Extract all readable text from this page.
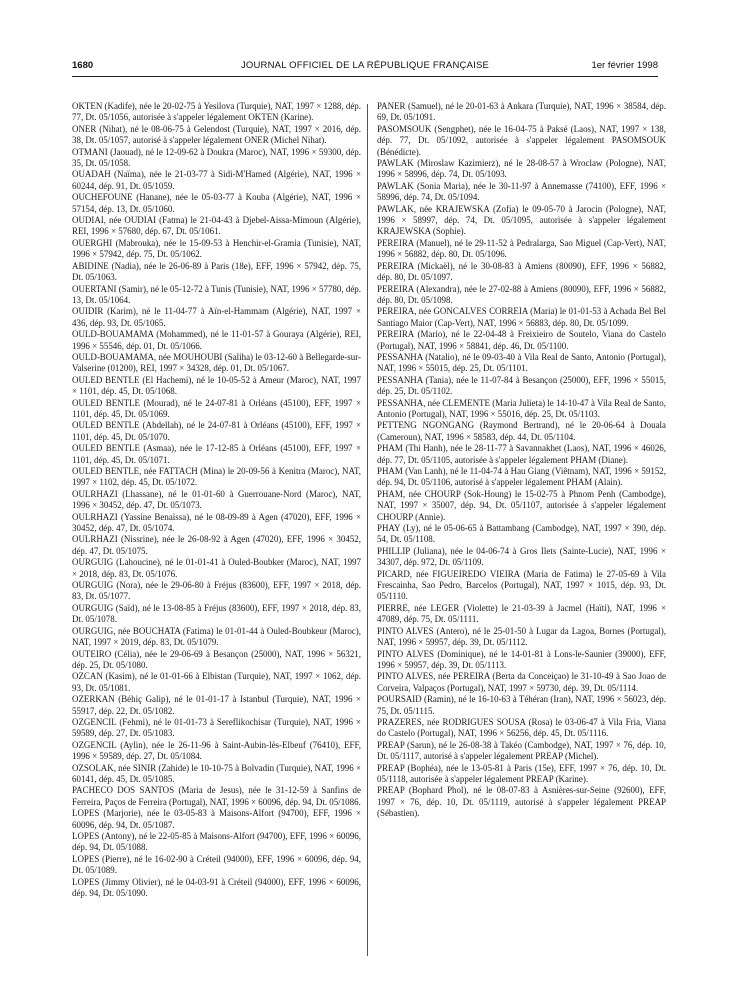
1680	JOURNAL OFFICIEL DE LA RÉPUBLIQUE FRANÇAISE	1er février 1998

OKTEN (Kadife), née le 20-02-75 à Yesilova (Turquie), NAT, 1997 × 1288, dép. 77, Dt. 05/1056, autorisée à s'appeler légalement OKTEN (Karine).

ONER (Nihat), né le 08-06-75 à Gelendost (Turquie), NAT, 1997 × 2016, dép. 38, Dt. 05/1057, autorisé à s'appeler légalement ONER (Michel Nihat).

OTMANI (Jaouad), né le 12-09-62 à Doukra (Maroc), NAT, 1996 × 59300, dép. 35, Dt. 05/1058.

OUADAH (Naïma), née le 21-03-77 à Sidi-M'Hamed (Algérie), NAT, 1996 × 60244, dép. 91, Dt. 05/1059.

OUCHEFOUNE (Hanane), née le 05-03-77 à Kouba (Algérie), NAT, 1996 × 57154, dép. 13, Dt. 05/1060.

OUDIAI, née OUDIAI (Fatma) le 21-04-43 à Djebel-Aissa-Mimoun (Algérie), REI, 1996 × 57680, dép. 67, Dt. 05/1061.

OUERGHI (Mabrouka), née le 15-09-53 à Henchir-el-Gramia (Tunisie), NAT, 1996 × 57942, dép. 75, Dt. 05/1062.

ABIDINE (Nadia), née le 26-06-89 à Paris (18e), EFF, 1996 × 57942, dép. 75, Dt. 05/1063.

OUERTANI (Samir), né le 05-12-72 à Tunis (Tunisie), NAT, 1996 × 57780, dép. 13, Dt. 05/1064.

OUIDIR (Karim), né le 11-04-77 à Aïn-el-Hammam (Algérie), NAT, 1997 × 436, dép. 93, Dt. 05/1065.

OULD-BOUAMAMA (Mohammed), né le 11-01-57 à Gouraya (Algérie), REI, 1996 × 55546, dép. 01, Dt. 05/1066.

OULD-BOUAMAMA, née MOUHOUBI (Saliha) le 03-12-60 à Bellegarde-sur-Valserine (01200), REI, 1997 × 34328, dép. 01, Dt. 05/1067.

OULED BENTLE (El Hachemi), né le 10-05-52 à Ameur (Maroc), NAT, 1997 × 1101, dép. 45, Dt. 05/1068.

OULED BENTLE (Mourad), né le 24-07-81 à Orléans (45100), EFF, 1997 × 1101, dép. 45, Dt. 05/1069.

OULED BENTLE (Abdellah), né le 24-07-81 à Orléans (45100), EFF, 1997 × 1101, dép. 45, Dt. 05/1070.

OULED BENTLE (Asmaa), née le 17-12-85 à Orléans (45100), EFF, 1997 × 1101, dép. 45, Dt. 05/1071.

OULED BENTLE, née FATTACH (Mina) le 20-09-56 à Kenitra (Maroc), NAT, 1997 × 1102, dép. 45, Dt. 05/1072.

OULRHAZI (Lhassane), né le 01-01-60 à Guerrouane-Nord (Maroc), NAT, 1996 × 30452, dép. 47, Dt. 05/1073.

OULRHAZI (Yassine Benaïssa), né le 08-09-89 à Agen (47020), EFF, 1996 × 30452, dép. 47, Dt. 05/1074.

OULRHAZI (Nissrine), née le 26-08-92 à Agen (47020), EFF, 1996 × 30452, dép. 47, Dt. 05/1075.

OURGUIG (Lahoucine), né le 01-01-41 à Ouled-Boubker (Maroc), NAT, 1997 × 2018, dép. 83, Dt. 05/1076.

OURGUIG (Nora), née le 29-06-80 à Fréjus (83600), EFF, 1997 × 2018, dép. 83, Dt. 05/1077.

OURGUIG (Saïd), né le 13-08-85 à Fréjus (83600), EFF, 1997 × 2018, dép. 83, Dt. 05/1078.

OURGUIG, née BOUCHATA (Fatima) le 01-01-44 à Ouled-Boubkeur (Maroc), NAT, 1997 × 2019, dép. 83, Dt. 05/1079.

OUTEIRO (Célia), née le 29-06-69 à Besançon (25000), NAT, 1996 × 56321, dép. 25, Dt. 05/1080.

OZCAN (Kasim), né le 01-01-66 à Elbistan (Turquie), NAT, 1997 × 1062, dép. 93, Dt. 05/1081.

OZERKAN (Béhiç Galip), né le 01-01-17 à Istanbul (Turquie), NAT, 1996 × 55917, dép. 22, Dt. 05/1082.

OZGENCIL (Fehmi), né le 01-01-73 à Sereflikochisar (Turquie), NAT, 1996 × 59589, dép. 27, Dt. 05/1083.

OZGENCIL (Aylin), née le 26-11-96 à Saint-Aubin-lès-Elbeuf (76410), EFF, 1996 × 59589, dép. 27, Dt. 05/1084.

OZSOLAK, née SINIR (Zahide) le 10-10-75 à Bolvadin (Turquie), NAT, 1996 × 60141, dép. 45, Dt. 05/1085.

PACHECO DOS SANTOS (Maria de Jesus), née le 31-12-59 à Sanfins de Ferreira, Paços de Ferreira (Portugal), NAT, 1996 × 60096, dép. 94, Dt. 05/1086.

LOPES (Marjorie), née le 03-05-83 à Maisons-Alfort (94700), EFF, 1996 × 60096, dép. 94, Dt. 05/1087.

LOPES (Antony), né le 22-05-85 à Maisons-Alfort (94700), EFF, 1996 × 60096, dép. 94, Dt. 05/1088.

LOPES (Pierre), né le 16-02-90 à Créteil (94000), EFF, 1996 × 60096, dép. 94, Dt. 05/1089.

LOPES (Jimmy Olivier), né le 04-03-91 à Créteil (94000), EFF, 1996 × 60096, dép. 94, Dt. 05/1090.

PANER (Samuel), né le 20-01-63 à Ankara (Turquie), NAT, 1996 × 38584, dép. 69, Dt. 05/1091.

PASOMSOUK (Sengphet), née le 16-04-75 à Paksé (Laos), NAT, 1997 × 138, dép. 77, Dt. 05/1092, autorisée à s'appeler légalement PASOMSOUK (Bénédicte).

PAWLAK (Miroslaw Kazimierz), né le 28-08-57 à Wroclaw (Pologne), NAT, 1996 × 58996, dép. 74, Dt. 05/1093.

PAWLAK (Sonia Maria), née le 30-11-97 à Annemasse (74100), EFF, 1996 × 58996, dép. 74, Dt. 05/1094.

PAWLAK, née KRAJEWSKA (Zofia) le 09-05-70 à Jarocin (Pologne), NAT, 1996 × 58997, dép. 74, Dt. 05/1095, autorisée à s'appeler légalement KRAJEWSKA (Sophie).

PEREIRA (Manuel), né le 29-11-52 à Pedralarga, Sao Miguel (Cap-Vert), NAT, 1996 × 56882, dép. 80, Dt. 05/1096.

PEREIRA (Mickaël), né le 30-08-83 à Amiens (80090), EFF, 1996 × 56882, dép. 80, Dt. 05/1097.

PEREIRA (Alexandra), née le 27-02-88 à Amiens (80090), EFF, 1996 × 56882, dép. 80, Dt. 05/1098.

PEREIRA, née GONCALVES CORREIA (Maria) le 01-01-53 à Achada Bel Bel Santiago Maior (Cap-Vert), NAT, 1996 × 56883, dép. 80, Dt. 05/1099.

PEREIRA (Mario), né le 22-04-48 à Freixieiro de Soutelo, Viana do Castelo (Portugal), NAT, 1996 × 58841, dép. 46, Dt. 05/1100.

PESSANHA (Natalio), né le 09-03-40 à Vila Real de Santo, Antonio (Portugal), NAT, 1996 × 55015, dép. 25, Dt. 05/1101.

PESSANHA (Tania), née le 11-07-84 à Besançon (25000), EFF, 1996 × 55015, dép. 25, Dt. 05/1102.

PESSANHA, née CLEMENTE (Maria Julieta) le 14-10-47 à Vila Real de Santo, Antonio (Portugal), NAT, 1996 × 55016, dép. 25, Dt. 05/1103.

PETTENG NGONGANG (Raymond Bertrand), né le 20-06-64 à Douala (Cameroun), NAT, 1996 × 58583, dép. 44, Dt. 05/1104.

PHAM (Thi Hanh), née le 28-11-77 à Savannakhet (Laos), NAT, 1996 × 46026, dép. 77, Dt. 05/1105, autorisée à s'appeler légalement PHAM (Diane).

PHAM (Van Lanh), né le 11-04-74 à Hau Giang (Viêtnam), NAT, 1996 × 59152, dép. 94, Dt. 05/1106, autorisé à s'appeler légalement PHAM (Alain).

PHAM, née CHOURP (Sok-Houng) le 15-02-75 à Phnom Penh (Cambodge), NAT, 1997 × 35007, dép. 94, Dt. 05/1107, autorisée à s'appeler légalement CHOURP (Annie).

PHAY (Ly), né le 05-06-65 à Battambang (Cambodge), NAT, 1997 × 390, dép. 54, Dt. 05/1108.

PHILLIP (Juliana), née le 04-06-74 à Gros Ilets (Sainte-Lucie), NAT, 1996 × 34307, dép. 972, Dt. 05/1109.

PICARD, née FIGUEIREDO VIEIRA (Maria de Fatima) le 27-05-69 à Vila Frescainha, Sao Pedro, Barcelos (Portugal), NAT, 1997 × 1015, dép. 93, Dt. 05/1110.

PIERRE, née LEGER (Violette) le 21-03-39 à Jacmel (Haïti), NAT, 1996 × 47089, dép. 75, Dt. 05/1111.

PINTO ALVES (Antero), né le 25-01-50 à Lugar da Lagoa, Bornes (Portugal), NAT, 1996 × 59957, dép. 39, Dt. 05/1112.

PINTO ALVES (Dominique), né le 14-01-81 à Lons-le-Saunier (39000), EFF, 1996 × 59957, dép. 39, Dt. 05/1113.

PINTO ALVES, née PEREIRA (Berta da Conceiçao) le 31-10-49 à Sao Joao de Corveira, Valpaços (Portugal), NAT, 1997 × 59730, dép. 39, Dt. 05/1114.

POURSAID (Ramin), né le 16-10-63 à Téhéran (Iran), NAT, 1996 × 56023, dép. 75, Dt. 05/1115.

PRAZERES, née RODRIGUES SOUSA (Rosa) le 03-06-47 à Vila Fria, Viana do Castelo (Portugal), NAT, 1996 × 56256, dép. 45, Dt. 05/1116.

PREAP (Sarun), né le 26-08-38 à Takéo (Cambodge), NAT, 1997 × 76, dép. 10, Dt. 05/1117, autorisé à s'appeler légalement PREAP (Michel).

PREAP (Bophéa), née le 13-05-81 à Paris (15e), EFF, 1997 × 76, dép. 10, Dt. 05/1118, autorisée à s'appeler légalement PREAP (Karine).

PREAP (Bophard Phol), né le 08-07-83 à Asnières-sur-Seine (92600), EFF, 1997 × 76, dép. 10, Dt. 05/1119, autorisé à s'appeler légalement PREAP (Sébastien).
